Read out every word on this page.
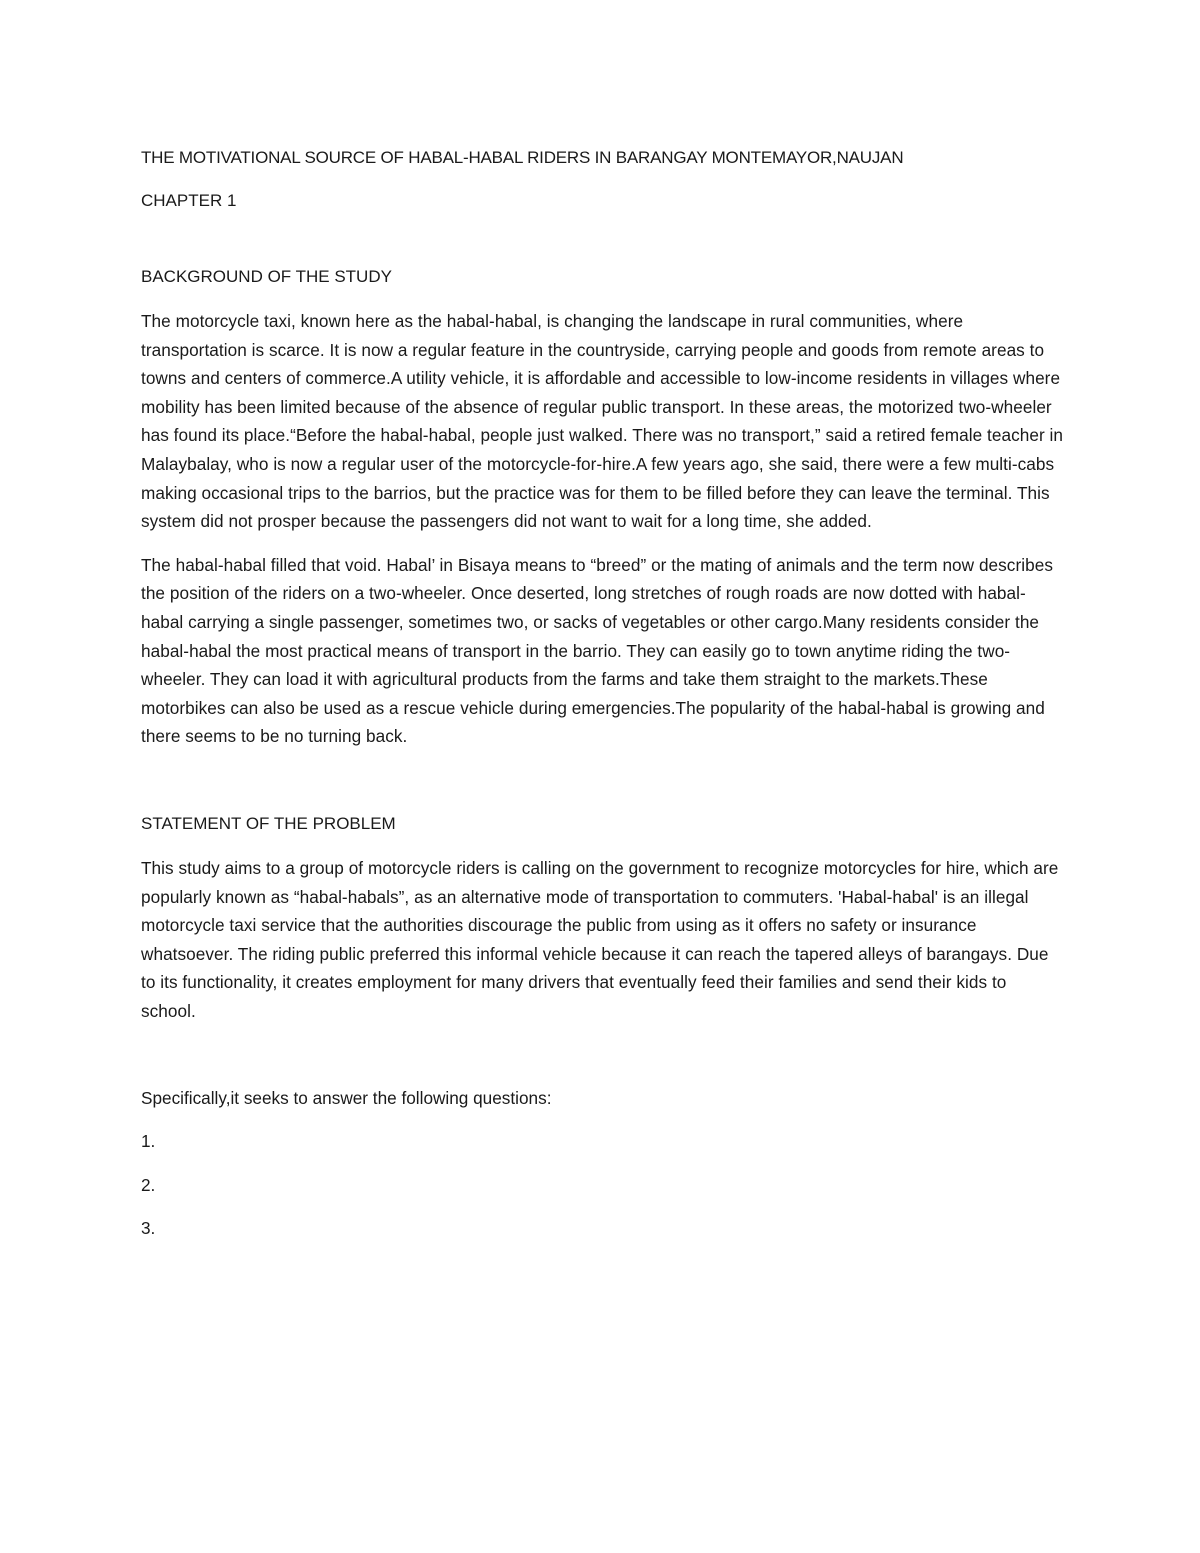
THE MOTIVATIONAL SOURCE OF HABAL-HABAL RIDERS IN BARANGAY MONTEMAYOR,NAUJAN

CHAPTER 1

BACKGROUND OF THE STUDY

The motorcycle taxi, known here as the habal-habal, is changing the landscape in rural communities, where transportation is scarce. It is now a regular feature in the countryside, carrying people and goods from remote areas to towns and centers of commerce.A utility vehicle, it is affordable and accessible to low-income residents in villages where mobility has been limited because of the absence of regular public transport. In these areas, the motorized two-wheeler has found its place.“Before the habal-habal, people just walked. There was no transport,” said a retired female teacher in Malaybalay, who is now a regular user of the motorcycle-for-hire.A few years ago, she said, there were a few multi-cabs making occasional trips to the barrios, but the practice was for them to be filled before they can leave the terminal. This system did not prosper because the passengers did not want to wait for a long time, she added.

The habal-habal filled that void. Habal’ in Bisaya means to “breed” or the mating of animals and the term now describes the position of the riders on a two-wheeler. Once deserted, long stretches of rough roads are now dotted with habal-habal carrying a single passenger, sometimes two, or sacks of vegetables or other cargo.Many residents consider the habal-habal the most practical means of transport in the barrio. They can easily go to town anytime riding the two-wheeler. They can load it with agricultural products from the farms and take them straight to the markets.These motorbikes can also be used as a rescue vehicle during emergencies.The popularity of the habal-habal is growing and there seems to be no turning back.

STATEMENT OF THE PROBLEM

This study aims to a group of motorcycle riders is calling on the government to recognize motorcycles for hire, which are popularly known as “habal-habals”, as an alternative mode of transportation to commuters. 'Habal-habal' is an illegal motorcycle taxi service that the authorities discourage the public from using as it offers no safety or insurance whatsoever. The riding public preferred this informal vehicle because it can reach the tapered alleys of barangays. Due to its functionality, it creates employment for many drivers that eventually feed their families and send their kids to school.

Specifically,it seeks to answer the following questions:

1.
2.
3.
